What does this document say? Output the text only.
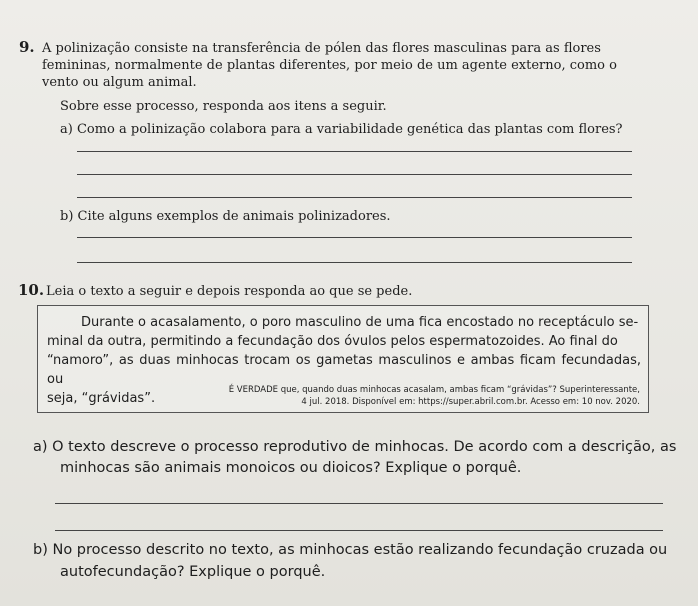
9. A polinização consiste na transferência de pólen das flores masculinas para as flores
femininas, normalmente de plantas diferentes, por meio de um agente externo, como o
vento ou algum animal.
Sobre esse processo, responda aos itens a seguir.
a) Como a polinização colabora para a variabilidade genética das plantas com flores?
b) Cite alguns exemplos de animais polinizadores.
10. Leia o texto a seguir e depois responda ao que se pede.
Durante o acasalamento, o poro masculino de uma fica encostado no receptáculo se-
minal da outra, permitindo a fecundação dos óvulos pelos espermatozoides. Ao final do
“namoro”, as duas minhocas trocam os gametas masculinos e ambas ficam fecundadas, ou
seja, “grávidas”.
É VERDADE que, quando duas minhocas acasalam, ambas ficam “grávidas”? Superinteressante,
4 jul. 2018. Disponível em: https://super.abril.com.br. Acesso em: 10 nov. 2020.
a) O texto descreve o processo reprodutivo de minhocas. De acordo com a descrição, as
minhocas são animais monoicos ou dioicos? Explique o porquê.
b) No processo descrito no texto, as minhocas estão realizando fecundação cruzada ou
autofecundação? Explique o porquê.
